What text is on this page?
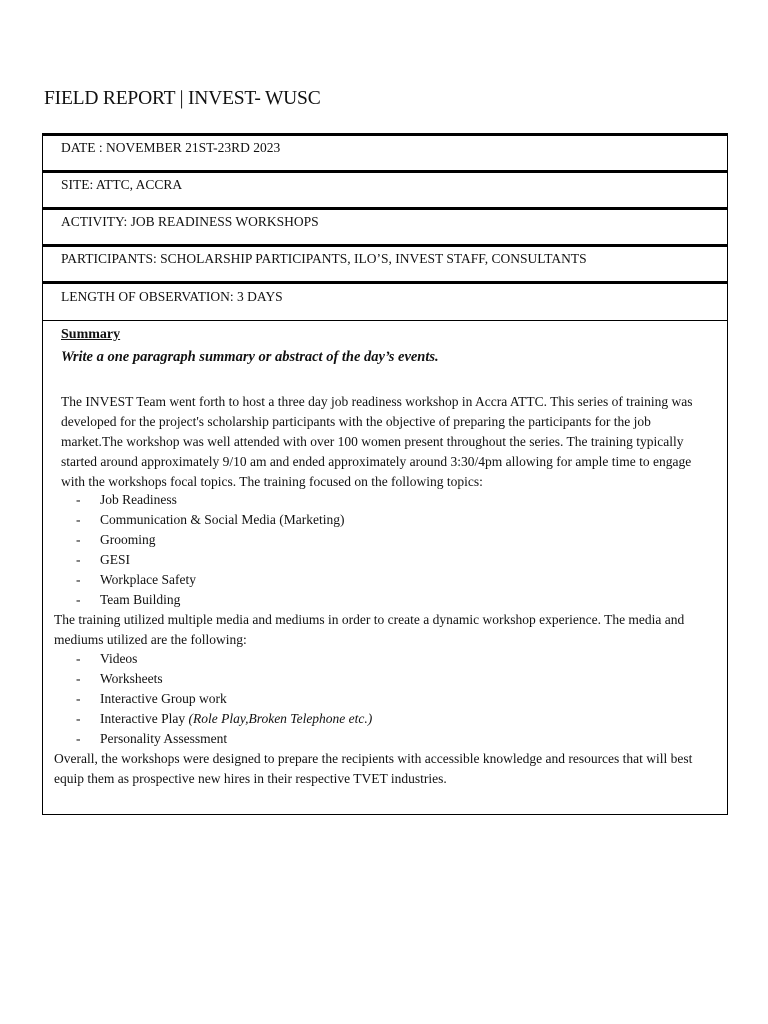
FIELD REPORT | INVEST- WUSC
DATE : NOVEMBER 21ST-23RD 2023
SITE: ATTC, ACCRA
ACTIVITY: JOB READINESS WORKSHOPS
PARTICIPANTS: SCHOLARSHIP PARTICIPANTS, ILO’S, INVEST STAFF, CONSULTANTS
LENGTH OF OBSERVATION: 3 DAYS
Summary
Write a one paragraph summary or abstract of the day’s events.

The INVEST Team went forth to host a three day job readiness workshop in Accra ATTC. This series of training was developed for the project's scholarship participants with the objective of preparing the participants for the job market.The workshop was well attended with over 100 women present throughout the series. The training typically started around approximately 9/10 am and ended approximately around 3:30/4pm allowing for ample time to engage with the workshops focal topics. The training focused on the following topics:

- Job Readiness
- Communication & Social Media (Marketing)
- Grooming
- GESI
- Workplace Safety
- Team Building

The training utilized multiple media and mediums in order to create a dynamic workshop experience. The media and mediums utilized are the following:

- Videos
- Worksheets
- Interactive Group work
- Interactive Play (Role Play,Broken Telephone etc.)
- Personality Assessment

Overall, the workshops were designed to prepare the recipients with accessible knowledge and resources that will best equip them as prospective new hires in their respective TVET industries.
